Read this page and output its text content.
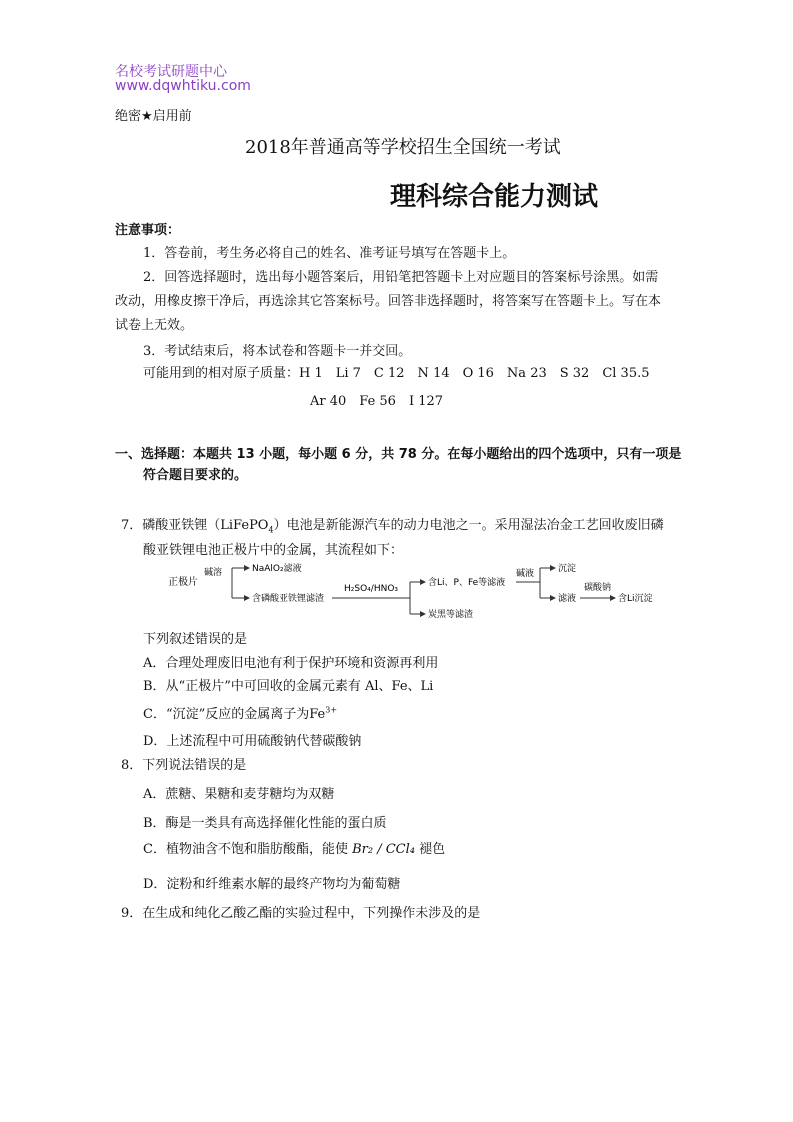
名校考试研题中心
www.dqwhtiku.com
绝密★启用前
2018年普通高等学校招生全国统一考试
理科综合能力测试
注意事项：
1．答卷前，考生务必将自己的姓名、准考证号填写在答题卡上。
2．回答选择题时，选出每小题答案后，用铅笔把答题卡上对应题目的答案标号涂黑。如需
改动，用橡皮擦干净后，再选涂其它答案标号。回答非选择题时，将答案写在答题卡上。写在本
试卷上无效。
3．考试结束后，将本试卷和答题卡一并交回。
可能用到的相对原子质量：H 1　Li 7　C 12　N 14　O 16　Na 23　S 32　Cl 35.5
Ar 40　Fe 56　I 127
一、选择题：本题共 13 小题，每小题 6 分，共 78 分。在每小题给出的四个选项中，只有一项是
符合题目要求的。
7．磷酸亚铁锂（LiFePO$_4$）电池是新能源汽车的动力电池之一。采用湿法冶金工艺回收废旧磷
酸亚铁锂电池正极片中的金属，其流程如下：
正极片
碱溶	NaAlO₂滤液
含磷酸亚铁锂滤渣
H₂SO₄/HNO₃
含Li、P、Fe等滤液
炭黑等滤渣
碱液	沉淀
滤液
碳酸钠
含Li沉淀
下列叙述错误的是
A．合理处理废旧电池有利于保护环境和资源再利用
B．从“正极片”中可回收的金属元素有 Al、Fe、Li
C．“沉淀”反应的金属离子为$Fe^{3+}$
D．上述流程中可用硫酸钠代替碳酸钠
8．下列说法错误的是
A．蔗糖、果糖和麦芽糖均为双糖
B．酶是一类具有高选择催化性能的蛋白质
C．植物油含不饱和脂肪酸酯，能使 Br₂ / CCl₄ 褪色
D．淀粉和纤维素水解的最终产物均为葡萄糖
9．在生成和纯化乙酸乙酯的实验过程中，下列操作未涉及的是
